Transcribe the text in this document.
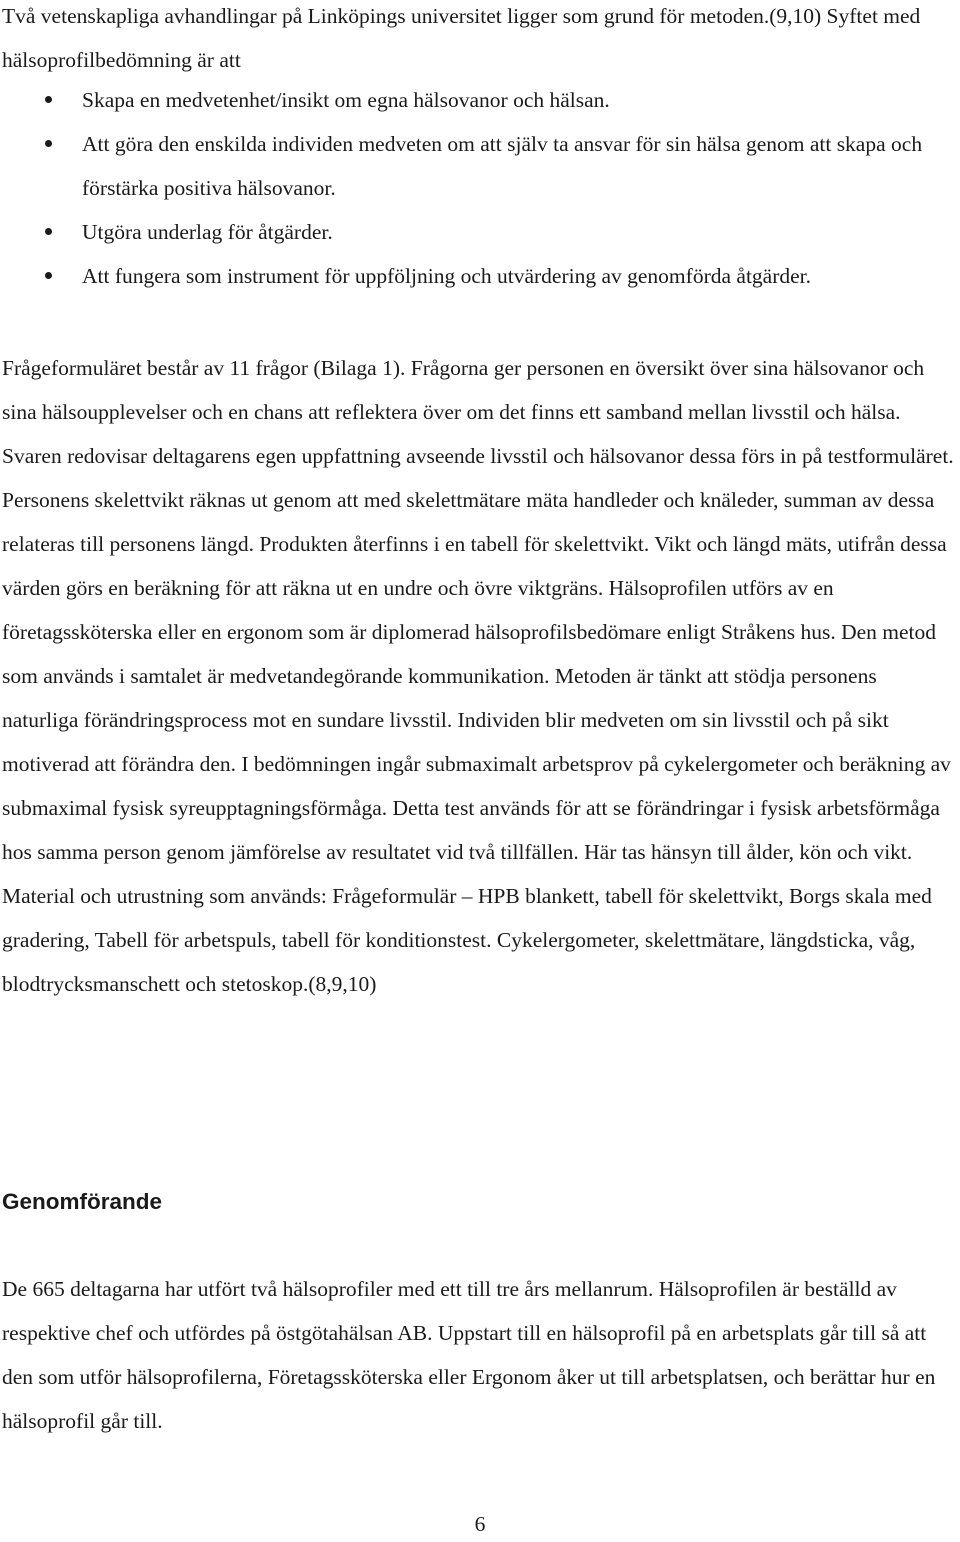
Två vetenskapliga avhandlingar på Linköpings universitet ligger som grund för metoden.(9,10) Syftet med hälsoprofilbedömning är att

Skapa en medvetenhet/insikt om egna hälsovanor och hälsan.
Att göra den enskilda individen medveten om att själv ta ansvar för sin hälsa genom att skapa och förstärka positiva hälsovanor.
Utgöra underlag för åtgärder.
Att fungera som instrument för uppföljning och utvärdering av genomförda åtgärder.

Frågeformuläret består av 11 frågor (Bilaga 1). Frågorna ger personen en översikt över sina hälsovanor och sina hälsoupplevelser och en chans att reflektera över om det finns ett samband mellan livsstil och hälsa. Svaren redovisar deltagarens egen uppfattning avseende livsstil och hälsovanor dessa förs in på testformuläret. Personens skelettvikt räknas ut genom att med skelettmätare mäta handleder och knäleder, summan av dessa relateras till personens längd. Produkten återfinns i en tabell för skelettvikt. Vikt och längd mäts, utifrån dessa värden görs en beräkning för att räkna ut en undre och övre viktgräns. Hälsoprofilen utförs av en företagssköterska eller en ergonom som är diplomerad hälsoprofilsbedömare enligt Stråkens hus. Den metod som används i samtalet är medvetandegörande kommunikation. Metoden är tänkt att stödja personens naturliga förändringsprocess mot en sundare livsstil. Individen blir medveten om sin livsstil och på sikt motiverad att förändra den. I bedömningen ingår submaximalt arbetsprov på cykelergometer och beräkning av submaximal fysisk syreupptagningsförmåga. Detta test används för att se förändringar i fysisk arbetsförmåga hos samma person genom jämförelse av resultatet vid två tillfällen. Här tas hänsyn till ålder, kön och vikt. Material och utrustning som används: Frågeformulär – HPB blankett, tabell för skelettvikt, Borgs skala med gradering, Tabell för arbetspuls, tabell för konditionstest. Cykelergometer, skelettmätare, längdsticka, våg, blodtrycksmanschett och stetoskop.(8,9,10)

Genomförande

De 665 deltagarna har utfört två hälsoprofiler med ett till tre års mellanrum. Hälsoprofilen är beställd av respektive chef och utfördes på östgötahälsan AB. Uppstart till en hälsoprofil på en arbetsplats går till så att den som utför hälsoprofilerna, Företagssköterska eller Ergonom åker ut till arbetsplatsen, och berättar hur en hälsoprofil går till.

6
